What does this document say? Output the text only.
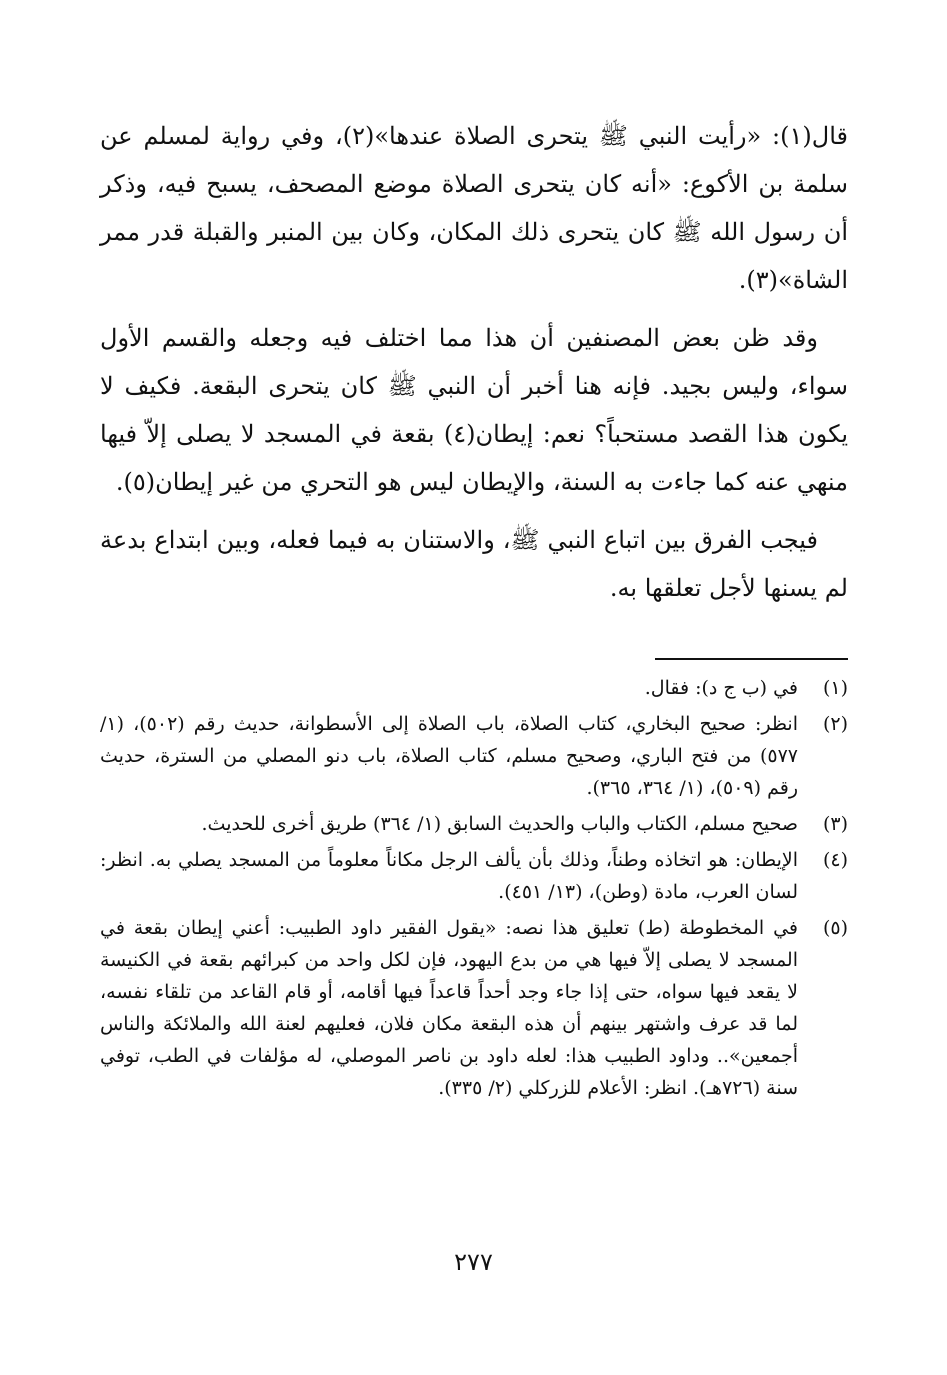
قال(١): «رأيت النبي ﷺ يتحرى الصلاة عندها»(٢)، وفي رواية لمسلم عن سلمة بن الأكوع: «أنه كان يتحرى الصلاة موضع المصحف، يسبح فيه، وذكر أن رسول الله ﷺ كان يتحرى ذلك المكان، وكان بين المنبر والقبلة قدر ممر الشاة»(٣).

وقد ظن بعض المصنفين أن هذا مما اختلف فيه وجعله والقسم الأول سواء، وليس بجيد. فإنه هنا أخبر أن النبي ﷺ كان يتحرى البقعة. فكيف لا يكون هذا القصد مستحباً؟ نعم: إيطان(٤) بقعة في المسجد لا يصلى إلاّ فيها منهي عنه كما جاءت به السنة، والإيطان ليس هو التحري من غير إيطان(٥).

فيجب الفرق بين اتباع النبي ﷺ، والاستنان به فيما فعله، وبين ابتداع بدعة لم يسنها لأجل تعلقها به.

(١)
في (ب ج د): فقال.
(٢)
انظر: صحيح البخاري، كتاب الصلاة، باب الصلاة إلى الأسطوانة، حديث رقم (٥٠٢)، (١/ ٥٧٧) من فتح الباري، وصحيح مسلم، كتاب الصلاة، باب دنو المصلي من السترة، حديث رقم (٥٠٩)، (١/ ٣٦٤، ٣٦٥).
(٣)
صحيح مسلم، الكتاب والباب والحديث السابق (١/ ٣٦٤) طريق أخرى للحديث.
(٤)
الإيطان: هو اتخاذه وطناً، وذلك بأن يألف الرجل مكاناً معلوماً من المسجد يصلي به. انظر: لسان العرب، مادة (وطن)، (١٣/ ٤٥١).
(٥)
في المخطوطة (ط) تعليق هذا نصه: «يقول الفقير داود الطبيب: أعني إيطان بقعة في المسجد لا يصلى إلاّ فيها هي من بدع اليهود، فإن لكل واحد من كبرائهم بقعة في الكنيسة لا يقعد فيها سواه، حتى إذا جاء وجد أحداً قاعداً فيها أقامه، أو قام القاعد من تلقاء نفسه، لما قد عرف واشتهر بينهم أن هذه البقعة مكان فلان، فعليهم لعنة الله والملائكة والناس أجمعين».. وداود الطبيب هذا: لعله داود بن ناصر الموصلي، له مؤلفات في الطب، توفي سنة (٧٢٦هـ). انظر: الأعلام للزركلي (٢/ ٣٣٥).
٢٧٧
